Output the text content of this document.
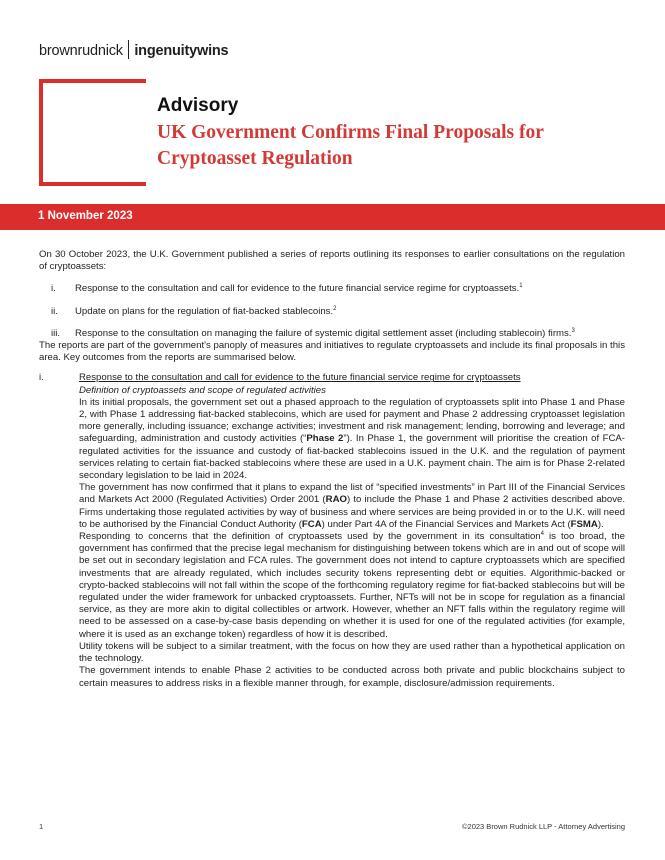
brownrudnick ingenuitywins
Advisory
UK Government Confirms Final Proposals for Cryptoasset Regulation
1 November 2023

On 30 October 2023, the U.K. Government published a series of reports outlining its responses to earlier consultations on the regulation of cryptoassets:

i.	Response to the consultation and call for evidence to the future financial service regime for cryptoassets.$^1$
ii.	Update on plans for the regulation of fiat-backed stablecoins.$^2$
iii.	Response to the consultation on managing the failure of systemic digital settlement asset (including stablecoin) firms.$^3$

The reports are part of the government's panoply of measures and initiatives to regulate cryptoassets and include its final proposals in this area. Key outcomes from the reports are summarised below.

i.	Response to the consultation and call for evidence to the future financial service regime for cryptoassets

Definition of cryptoassets and scope of regulated activities

In its initial proposals, the government set out a phased approach to the regulation of cryptoassets split into Phase 1 and Phase 2, with Phase 1 addressing fiat-backed stablecoins, which are used for payment and Phase 2 addressing cryptoasset legislation more generally, including issuance; exchange activities; investment and risk management; lending, borrowing and leverage; and safeguarding, administration and custody activities (“Phase 2”). In Phase 1, the government will prioritise the creation of FCA-regulated activities for the issuance and custody of fiat-backed stablecoins issued in the U.K. and the regulation of payment services relating to certain fiat-backed stablecoins where these are used in a U.K. payment chain. The aim is for Phase 2-related secondary legislation to be laid in 2024.

The government has now confirmed that it plans to expand the list of “specified investments” in Part III of the Financial Services and Markets Act 2000 (Regulated Activities) Order 2001 (RAO) to include the Phase 1 and Phase 2 activities described above. Firms undertaking those regulated activities by way of business and where services are being provided in or to the U.K. will need to be authorised by the Financial Conduct Authority (FCA) under Part 4A of the Financial Services and Markets Act (FSMA).

Responding to concerns that the definition of cryptoassets used by the government in its consultation$^4$ is too broad, the government has confirmed that the precise legal mechanism for distinguishing between tokens which are in and out of scope will be set out in secondary legislation and FCA rules. The government does not intend to capture cryptoassets which are specified investments that are already regulated, which includes security tokens representing debt or equities. Algorithmic-backed or crypto-backed stablecoins will not fall within the scope of the forthcoming regulatory regime for fiat-backed stablecoins but will be regulated under the wider framework for unbacked cryptoassets. Further, NFTs will not be in scope for regulation as a financial service, as they are more akin to digital collectibles or artwork. However, whether an NFT falls within the regulatory regime will need to be assessed on a case-by-case basis depending on whether it is used for one of the regulated activities (for example, where it is used as an exchange token) regardless of how it is described.

Utility tokens will be subject to a similar treatment, with the focus on how they are used rather than a hypothetical application on the technology.

The government intends to enable Phase 2 activities to be conducted across both private and public blockchains subject to certain measures to address risks in a flexible manner through, for example, disclosure/admission requirements.

1	©2023 Brown Rudnick LLP - Attorney Advertising
